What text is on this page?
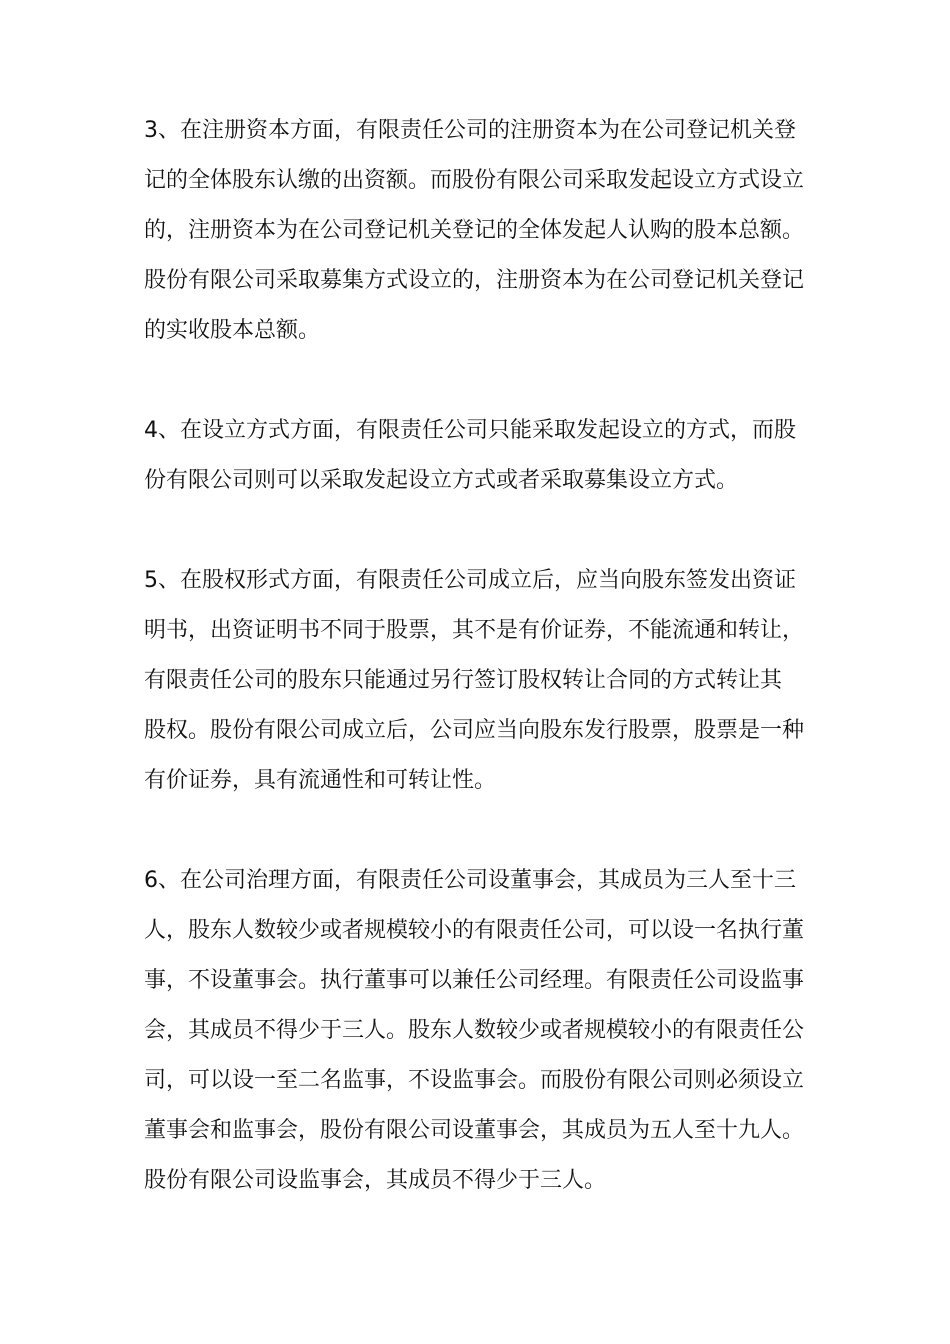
3、在注册资本方面，有限责任公司的注册资本为在公司登记机关登
记的全体股东认缴的出资额。而股份有限公司采取发起设立方式设立
的，注册资本为在公司登记机关登记的全体发起人认购的股本总额。
股份有限公司采取募集方式设立的，注册资本为在公司登记机关登记
的实收股本总额。
4、在设立方式方面，有限责任公司只能采取发起设立的方式，而股
份有限公司则可以采取发起设立方式或者采取募集设立方式。
5、在股权形式方面，有限责任公司成立后，应当向股东签发出资证
明书，出资证明书不同于股票，其不是有价证券，不能流通和转让，
有限责任公司的股东只能通过另行签订股权转让合同的方式转让其
股权。股份有限公司成立后，公司应当向股东发行股票，股票是一种
有价证券，具有流通性和可转让性。
6、在公司治理方面，有限责任公司设董事会，其成员为三人至十三
人，股东人数较少或者规模较小的有限责任公司，可以设一名执行董
事，不设董事会。执行董事可以兼任公司经理。有限责任公司设监事
会，其成员不得少于三人。股东人数较少或者规模较小的有限责任公
司，可以设一至二名监事，不设监事会。而股份有限公司则必须设立
董事会和监事会，股份有限公司设董事会，其成员为五人至十九人。
股份有限公司设监事会，其成员不得少于三人。
